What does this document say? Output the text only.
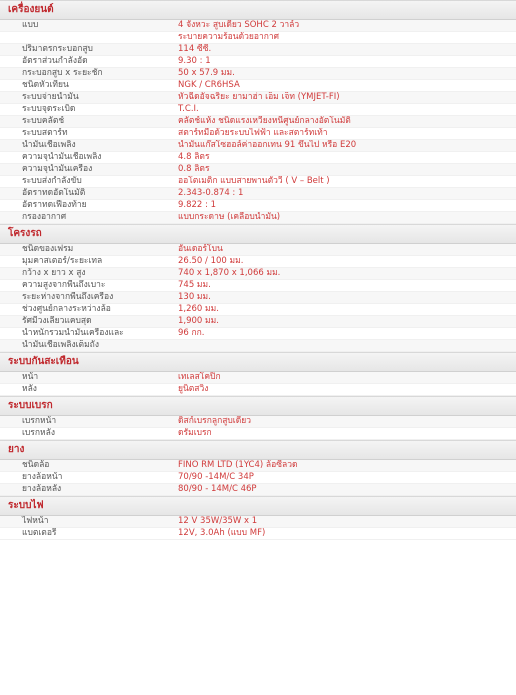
เครื่องยนต์
แบบ	4 จังหวะ สูบเดียว SOHC 2 วาล์ว
	ระบายความร้อนด้วยอากาศ
ปริมาตรกระบอกสูบ	114 ซีซี.
อัตราส่วนกำลังอัด	9.30 : 1
กระบอกสูบ x ระยะชัก	50 x 57.9 มม.
ชนิดหัวเทียน	NGK / CR6HSA
ระบบจ่ายน้ำมัน	หัวฉีดอัจฉริยะ ยามาฮ่า เอ็ม เจ็ท (YMJET-FI)
ระบบจุดระเบิด	T.C.I.
ระบบคลัตช์	คลัตช์แห้ง ชนิดแรงเหวี่ยงหนีศูนย์กลางอัตโนมัติ
ระบบสตาร์ท	สตาร์ทมือด้วยระบบไฟฟ้า และสตาร์ทเท้า
น้ำมันเชื้อเพลิง	น้ำมันแก๊สโซฮอล์ค่าออกเทน 91 ขึ้นไป หรือ E20
ความจุน้ำมันเชื้อเพลิง	4.8 ลิตร
ความจุน้ำมันเครื่อง	0.8 ลิตร
ระบบส่งกำลังขับ	ออโตเมติก แบบสายพานตัววี ( V – Belt )
อัตราทดอัตโนมัติ	2.343-0.874 : 1
อัตราทดเฟืองท้าย	9.822 : 1
กรองอากาศ	แบบกระดาษ (เคลือบน้ำมัน)
โครงรถ
ชนิดของเฟรม	อันเดอร์โบน
มุมคาสเตอร์/ระยะเทล	26.50 / 100 มม.
กว้าง x ยาว x สูง	740 x 1,870 x 1,066 มม.
ความสูงจากพื้นถึงเบาะ	745 มม.
ระยะห่างจากพื้นถึงเครื่อง	130 มม.
ช่วงศูนย์กลางระหว่างล้อ	1,260 มม.
รัศมีวงเลี้ยวแคบสุด	1,900 มม.
น้ำหนักรวมน้ำมันเครื่องและ	96 กก.
น้ำมันเชื้อเพลิงเต็มถัง	
ระบบกันสะเทือน
หน้า	เทเลสโคปิก
หลัง	ยูนิตสวิง
ระบบเบรก
เบรกหน้า	ดิสก์เบรกลูกสูบเดี่ยว
เบรกหลัง	ดรัมเบรก
ยาง
ชนิดล้อ	FINO RM LTD (1YC4) ล้อซี่ลวด
ยางล้อหน้า	70/90 -14M/C 34P
ยางล้อหลัง	80/90 - 14M/C 46P
ระบบไฟ
ไฟหน้า	12 V 35W/35W x 1
แบตเตอรี่	12V, 3.0Ah (แบบ MF)
